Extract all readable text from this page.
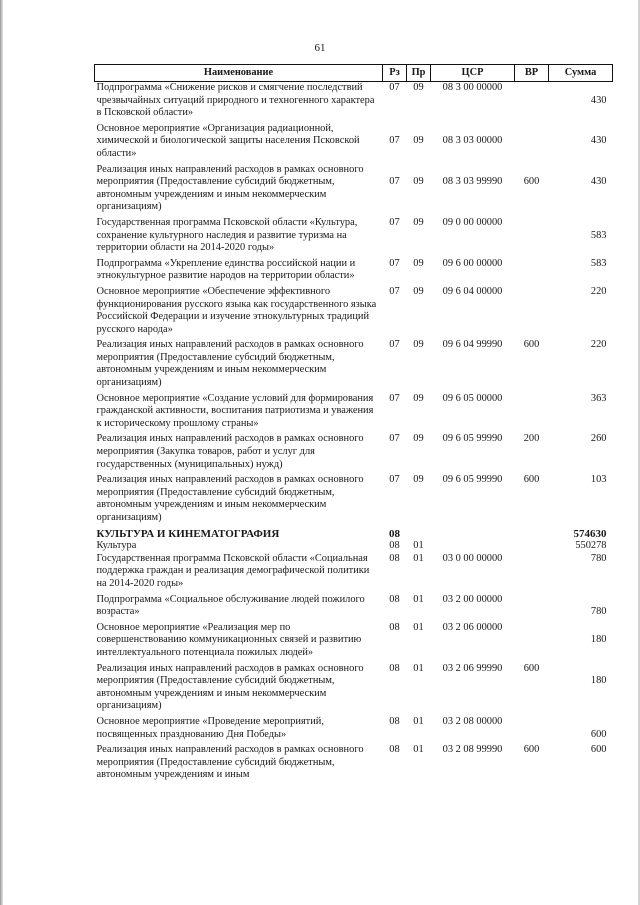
61
Наименование	Рз	Пр	ЦСР	ВР	Сумма
Подпрограмма «Снижение рисков и смягчение последствий чрезвычайных ситуаций природного и техногенного характера в Псковской области»	07	09	08 3 00 00000		430
Основное мероприятие «Организация радиационной, химической и биологической защиты населения Псковской области»	07	09	08 3 03 00000		430
Реализация иных направлений расходов в рамках основного мероприятия (Предоставление субсидий бюджетным, автономным учреждениям и иным некоммерческим организациям)	07	09	08 3 03 99990	600	430
Государственная программа Псковской области «Культура, сохранение культурного наследия и развитие туризма на территории области на 2014-2020 годы»	07	09	09 0 00 00000		583
Подпрограмма «Укрепление единства российской нации и этнокультурное развитие народов на территории области»	07	09	09 6 00 00000		583
Основное мероприятие «Обеспечение эффективного функционирования русского языка как государственного языка Российской Федерации и изучение этнокультурных традиций русского народа»	07	09	09 6 04 00000		220
Реализация иных направлений расходов в рамках основного мероприятия (Предоставление субсидий бюджетным, автономным учреждениям и иным некоммерческим организациям)	07	09	09 6 04 99990	600	220
Основное мероприятие «Создание условий для формирования гражданской активности, воспитания патриотизма и уважения к историческому прошлому страны»	07	09	09 6 05 00000		363
Реализация иных направлений расходов в рамках основного мероприятия (Закупка товаров, работ и услуг для государственных (муниципальных) нужд)	07	09	09 6 05 99990	200	260
Реализация иных направлений расходов в рамках основного мероприятия (Предоставление субсидий бюджетным, автономным учреждениям и иным некоммерческим организациям)	07	09	09 6 05 99990	600	103
КУЛЬТУРА И КИНЕМАТОГРАФИЯ	08				574630
Культура	08	01			550278
Государственная программа Псковской области «Социальная поддержка граждан и реализация демографической политики на 2014-2020 годы»	08	01	03 0 00 00000		780
Подпрограмма «Социальное обслуживание людей пожилого возраста»	08	01	03 2 00 00000		780
Основное мероприятие «Реализация мер по совершенствованию коммуникационных связей и развитию интеллектуального потенциала пожилых людей»	08	01	03 2 06 00000		180
Реализация иных направлений расходов в рамках основного мероприятия (Предоставление субсидий бюджетным, автономным учреждениям и иным некоммерческим организациям)	08	01	03 2 06 99990	600	180
Основное мероприятие «Проведение мероприятий, посвященных празднованию Дня Победы»	08	01	03 2 08 00000		600
Реализация иных направлений расходов в рамках основного мероприятия (Предоставление субсидий бюджетным, автономным учреждениям и иным	08	01	03 2 08 99990	600	600
